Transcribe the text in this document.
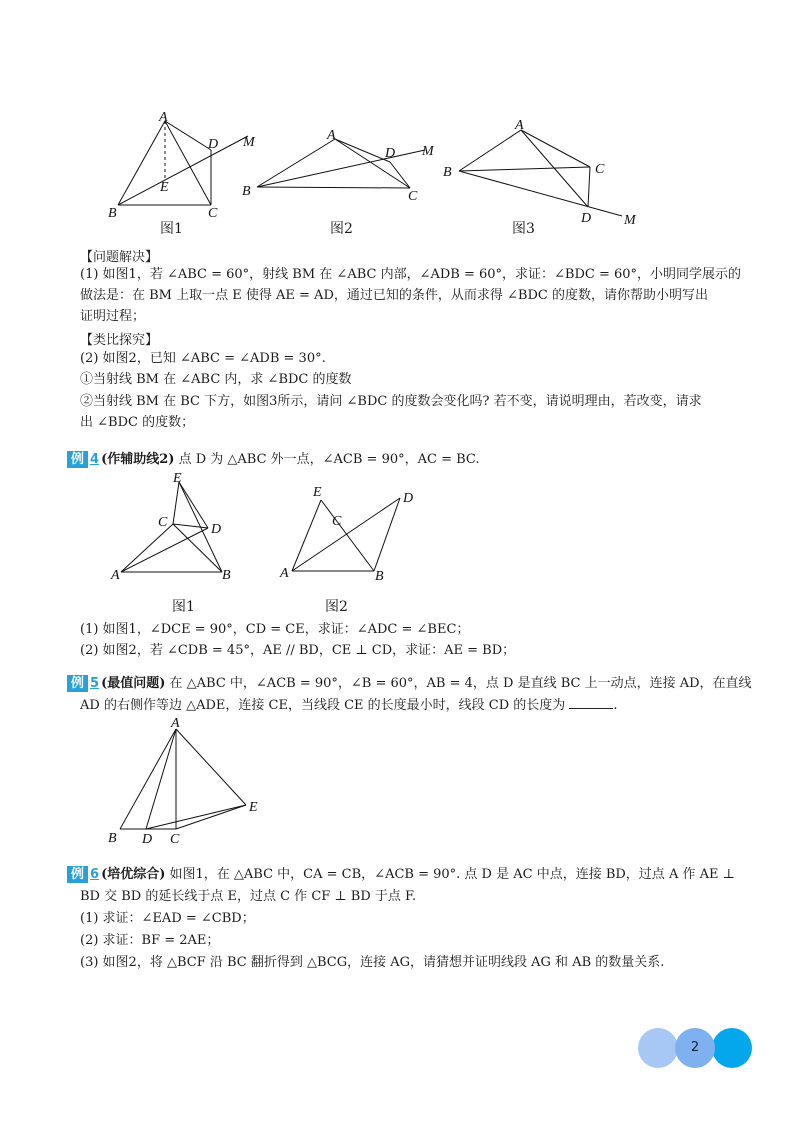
A
B	C
D
E
M
图1
A
B	C
D M
图2
A
B	C
D M
图3
【问题解决】
(1) 如图1，若 ∠ABC = 60°，射线 BM 在 ∠ABC 内部，∠ADB = 60°，求证：∠BDC = 60°，小明同学展示的
做法是：在 BM 上取一点 E 使得 AE = AD，通过已知的条件，从而求得 ∠BDC 的度数，请你帮助小明写出
证明过程；
【类比探究】
(2) 如图2，已知 ∠ABC = ∠ADB = 30°.
①当射线 BM 在 ∠ABC 内，求 ∠BDC 的度数
②当射线 BM 在 BC 下方，如图3所示，请问 ∠BDC 的度数会变化吗? 若不变，请说明理由，若改变，请求
出 ∠BDC 的度数；
例 4 (作辅助线2) 点 D 为 △ABC 外一点，∠ACB = 90°，AC = BC.
E
C	D
A	B
图1
E
C
D
A	B
图2
(1) 如图1，∠DCE = 90°，CD = CE，求证：∠ADC = ∠BEC；
(2) 如图2，若 ∠CDB = 45°，AE // BD，CE ⊥ CD，求证：AE = BD；
例 5 (最值问题) 在 △ABC 中，∠ACB = 90°，∠B = 60°，AB = 4，点 D 是直线 BC 上一动点，连接 AD，在直线
AD 的右侧作等边 △ADE，连接 CE，当线段 CE 的长度最小时，线段 CD 的长度为	.
A
B D C
E
例 6 (培优综合) 如图1，在 △ABC 中，CA = CB，∠ACB = 90°. 点 D 是 AC 中点，连接 BD，过点 A 作 AE ⊥
BD 交 BD 的延长线于点 E，过点 C 作 CF ⊥ BD 于点 F.
(1) 求证：∠EAD = ∠CBD；
(2) 求证：BF = 2AE；
(3) 如图2，将 △BCF 沿 BC 翻折得到 △BCG，连接 AG，请猜想并证明线段 AG 和 AB 的数量关系.
2
